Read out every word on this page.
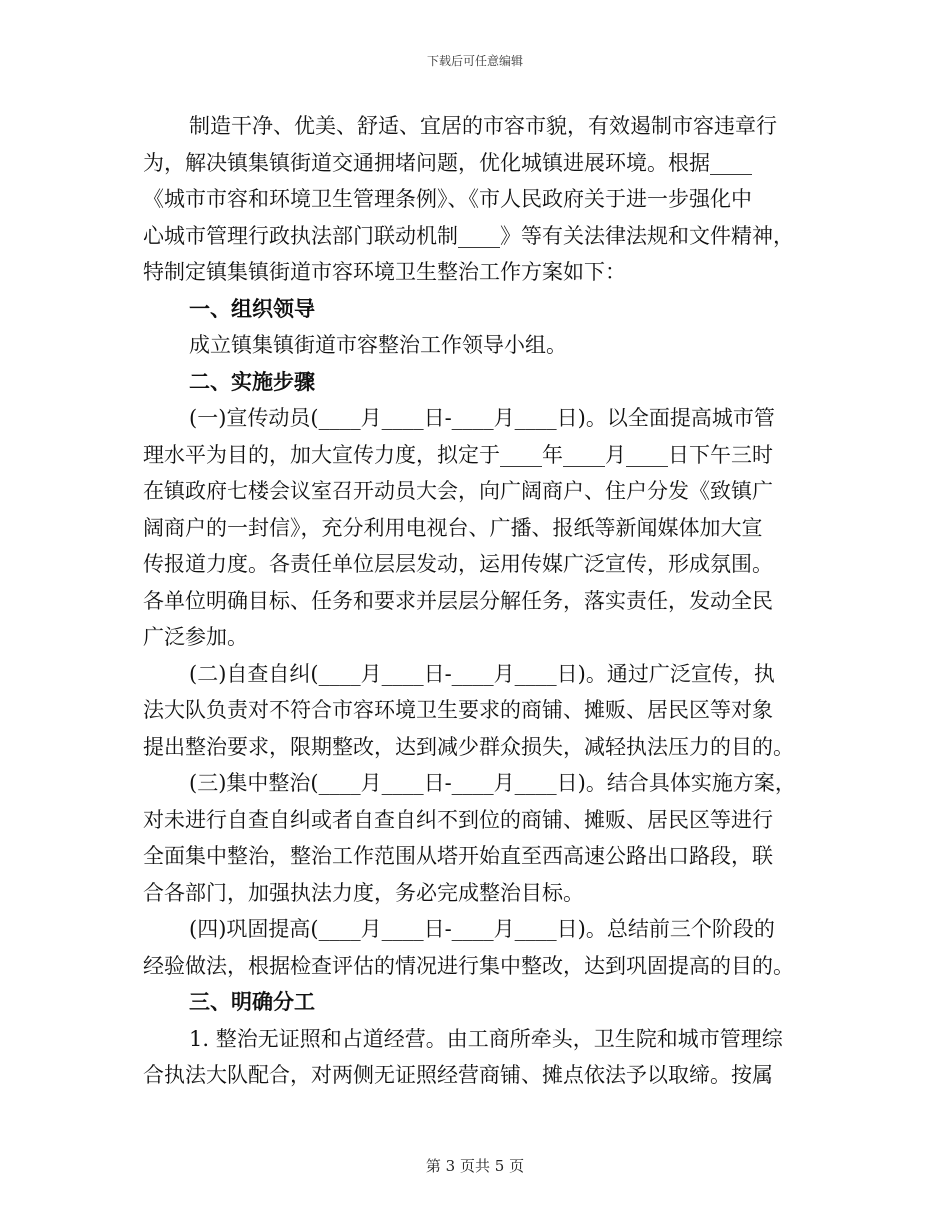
下载后可任意编辑
制造干净、优美、舒适、宜居的市容市貌，有效遏制市容违章行
为，解决镇集镇街道交通拥堵问题，优化城镇进展环境。根据____
《城市市容和环境卫生管理条例》、《市人民政府关于进一步强化中
心城市管理行政执法部门联动机制____》等有关法律法规和文件精神，
特制定镇集镇街道市容环境卫生整治工作方案如下：
一、组织领导
成立镇集镇街道市容整治工作领导小组。
二、实施步骤
(一)宣传动员(____月____日-____月____日)。以全面提高城市管
理水平为目的，加大宣传力度，拟定于____年____月____日下午三时
在镇政府七楼会议室召开动员大会，向广阔商户、住户分发《致镇广
阔商户的一封信》，充分利用电视台、广播、报纸等新闻媒体加大宣
传报道力度。各责任单位层层发动，运用传媒广泛宣传，形成氛围。
各单位明确目标、任务和要求并层层分解任务，落实责任，发动全民
广泛参加。
(二)自查自纠(____月____日-____月____日)。通过广泛宣传，执
法大队负责对不符合市容环境卫生要求的商铺、摊贩、居民区等对象
提出整治要求，限期整改，达到减少群众损失，减轻执法压力的目的。
(三)集中整治(____月____日-____月____日)。结合具体实施方案，
对未进行自查自纠或者自查自纠不到位的商铺、摊贩、居民区等进行
全面集中整治，整治工作范围从塔开始直至西高速公路出口路段，联
合各部门，加强执法力度，务必完成整治目标。
(四)巩固提高(____月____日-____月____日)。总结前三个阶段的
经验做法，根据检查评估的情况进行集中整改，达到巩固提高的目的。
三、明确分工
1. 整治无证照和占道经营。由工商所牵头，卫生院和城市管理综
合执法大队配合，对两侧无证照经营商铺、摊点依法予以取缔。按属
第 3 页共 5 页
